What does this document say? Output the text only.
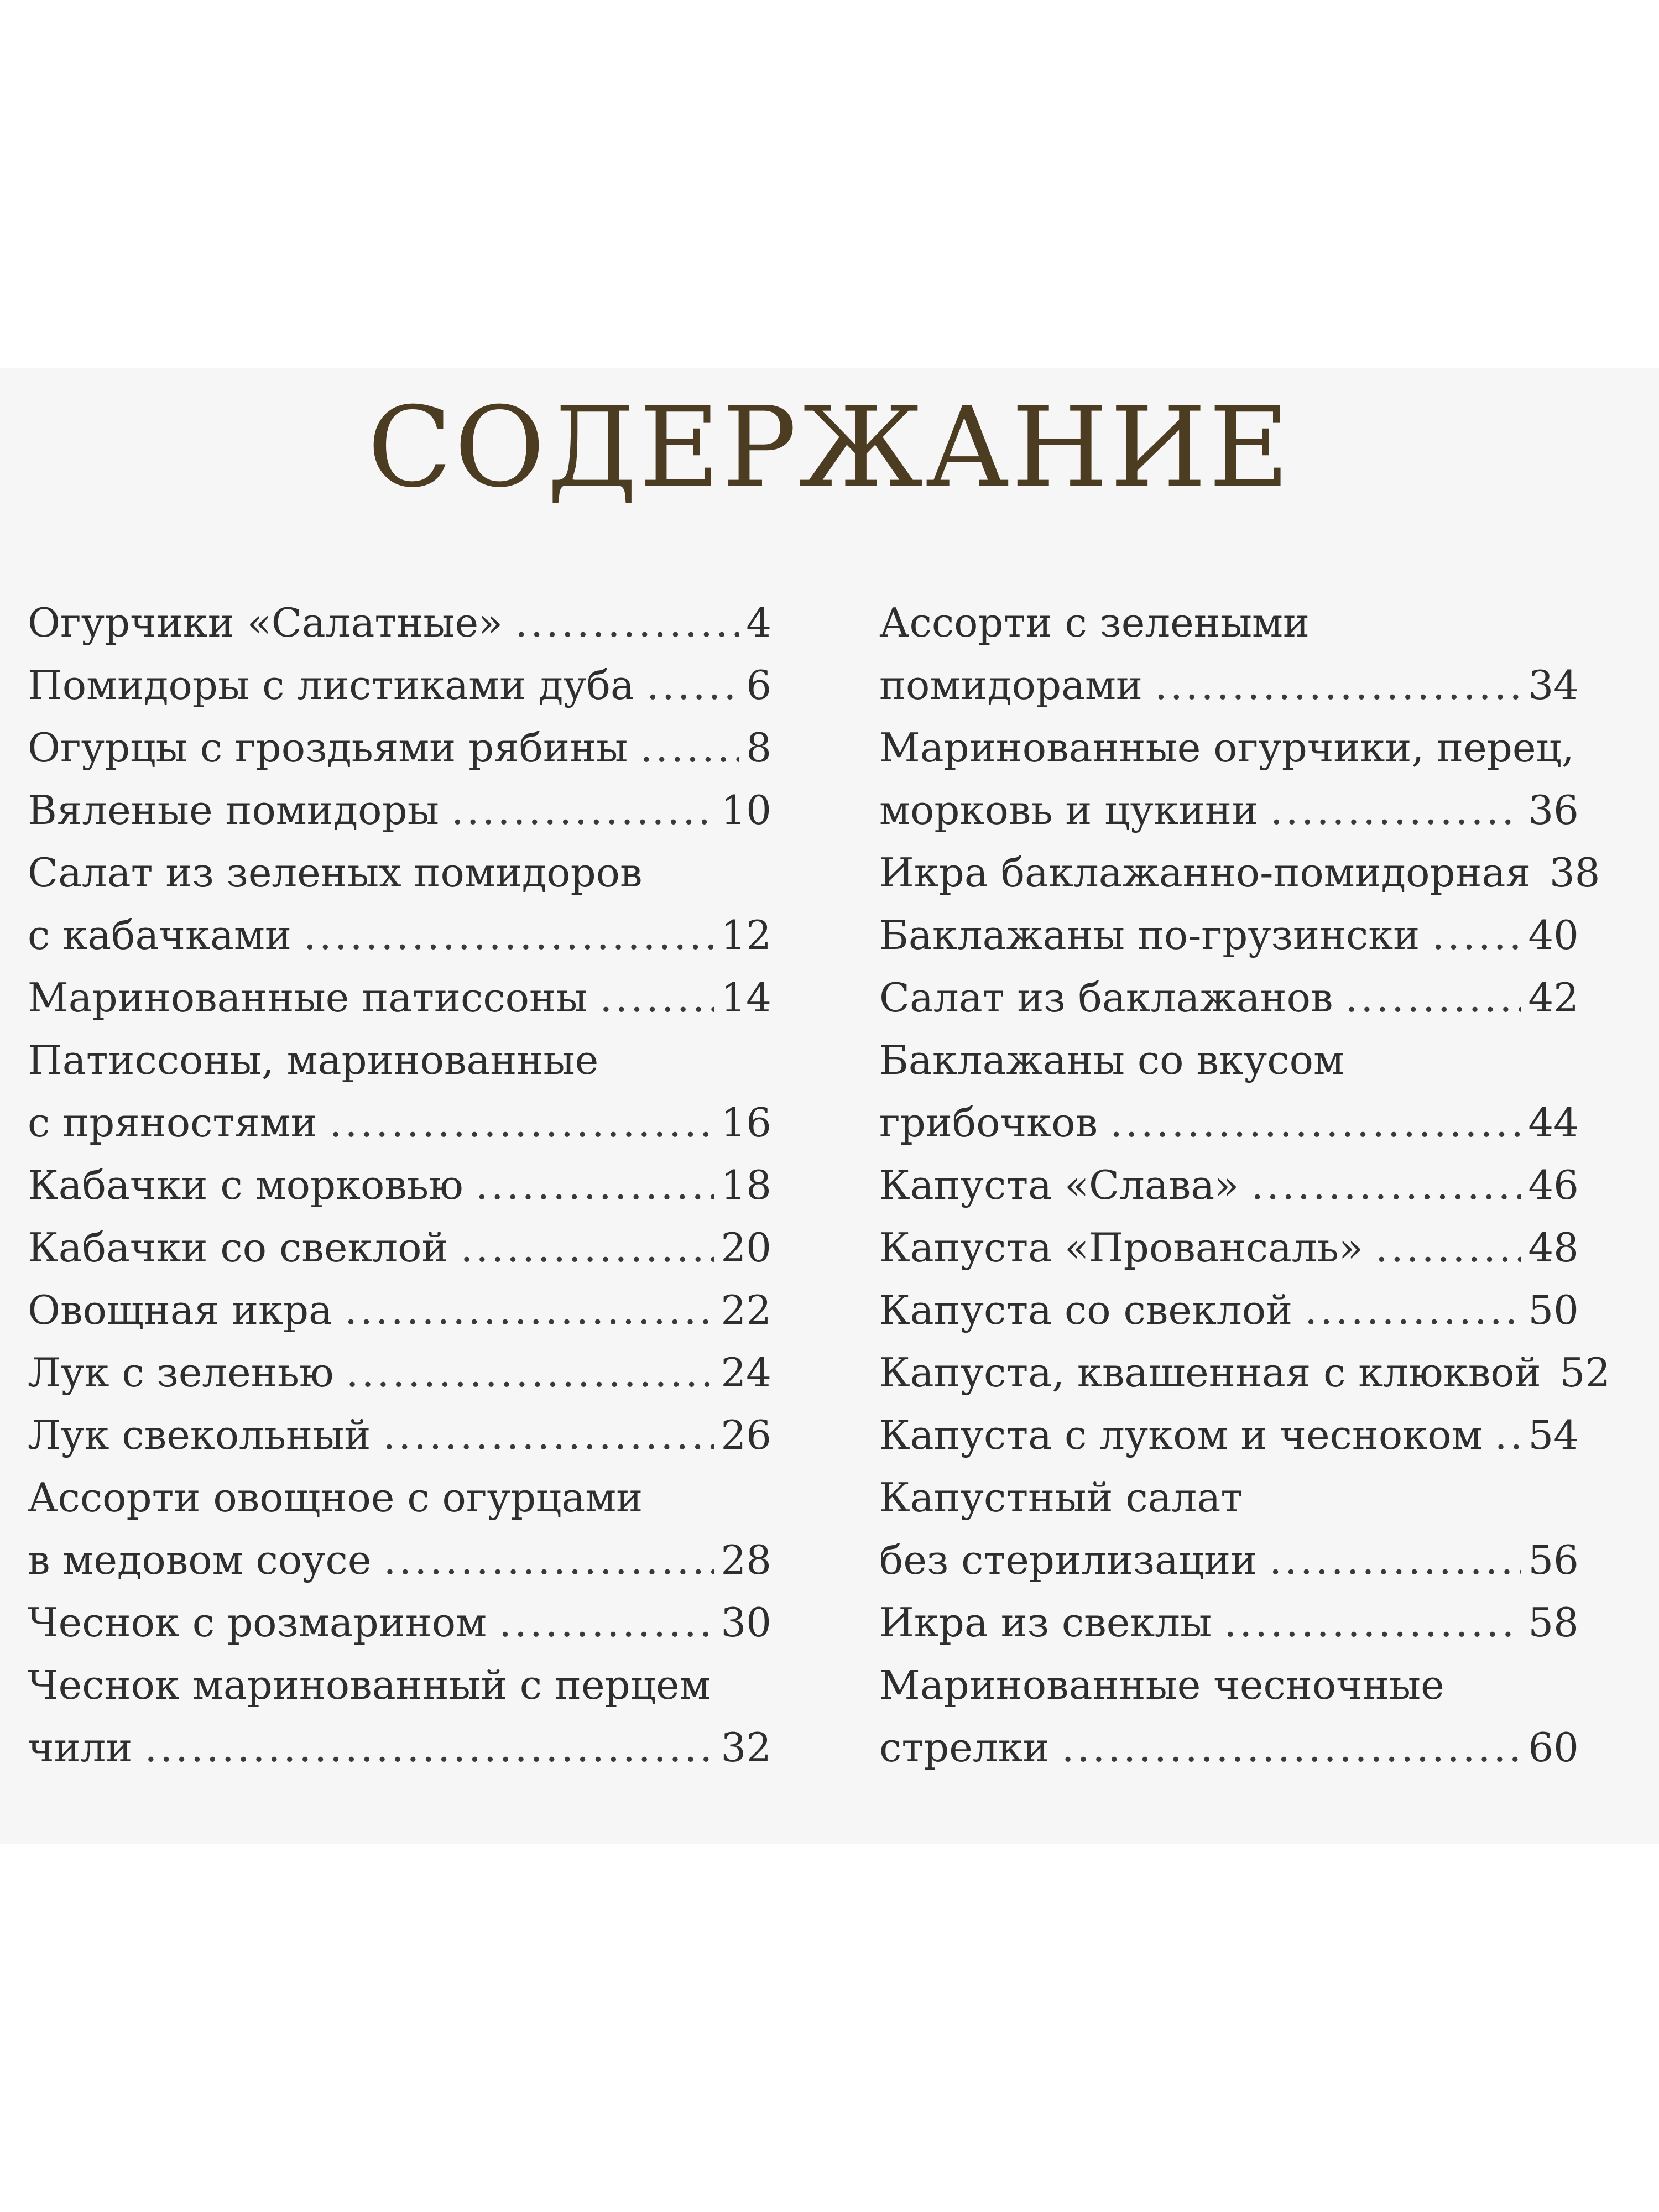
СОДЕРЖАНИЕ
Огурчики «Салатные» .....	4
Помидоры с листиками дуба .....	6
Огурцы с гроздьями рябины .....	8
Вяленые помидоры .....	10
Салат из зеленых помидоров
с кабачками .....	12
Маринованные патиссоны .....	14
Патиссоны, маринованные
с пряностями .....	16
Кабачки с морковью .....	18
Кабачки со свеклой .....	20
Овощная икра .....	22
Лук с зеленью .....	24
Лук свекольный .....	26
Ассорти овощное с огурцами
в медовом соусе .....	28
Чеснок с розмарином .....	30
Чеснок маринованный с перцем
чили .....	32
Ассорти с зелеными
помидорами .....	34
Маринованные огурчики, перец,
морковь и цукини .....	36
Икра баклажанно-помидорная 38
Баклажаны по-грузински .....	40
Салат из баклажанов .....	42
Баклажаны со вкусом
грибочков .....	44
Капуста «Слава» .....	46
Капуста «Провансаль» .....	48
Капуста со свеклой .....	50
Капуста, квашенная с клюквой 52
Капуста с луком и чесноком ..... 54
Капустный салат
без стерилизации .....	56
Икра из свеклы .....	58
Маринованные чесночные
стрелки .....	60
